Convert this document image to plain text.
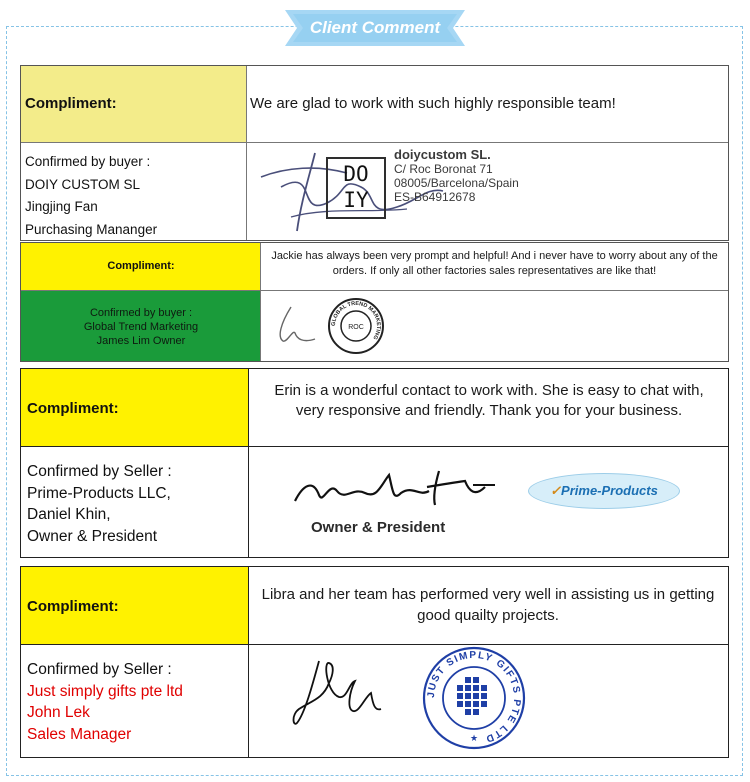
Client Comment
Compliment:	We are glad to work with such highly responsible team!
Confirmed by buyer :
DOIY CUSTOM SL
Jingjing Fan
Purchasing Mananger
DO
IY
doiycustom SL.
C/ Roc Boronat 71
08005/Barcelona/Spain
ES-B64912678
Compliment:
Jackie has always been very prompt and helpful! And i never have to worry about any of the orders. If only all other factories sales representatives are like that!
Confirmed by buyer :
Global Trend Marketing
James Lim Owner
GLOBAL TREND MARKETING
ROC
Compliment:
Erin is a wonderful contact to work with. She is easy to chat with, very responsive and friendly. Thank you for your business.
Confirmed by Seller :
Prime-Products LLC,
Daniel Khin,
Owner & President	Owner & President
✓Prime-Products
Compliment:
Libra and her team has performed very well in assisting us in getting good quailty projects.
Confirmed by Seller :
Just simply gifts pte ltd
John Lek
Sales Manager
JUST SIMPLY GIFTS PTE LTD
★
